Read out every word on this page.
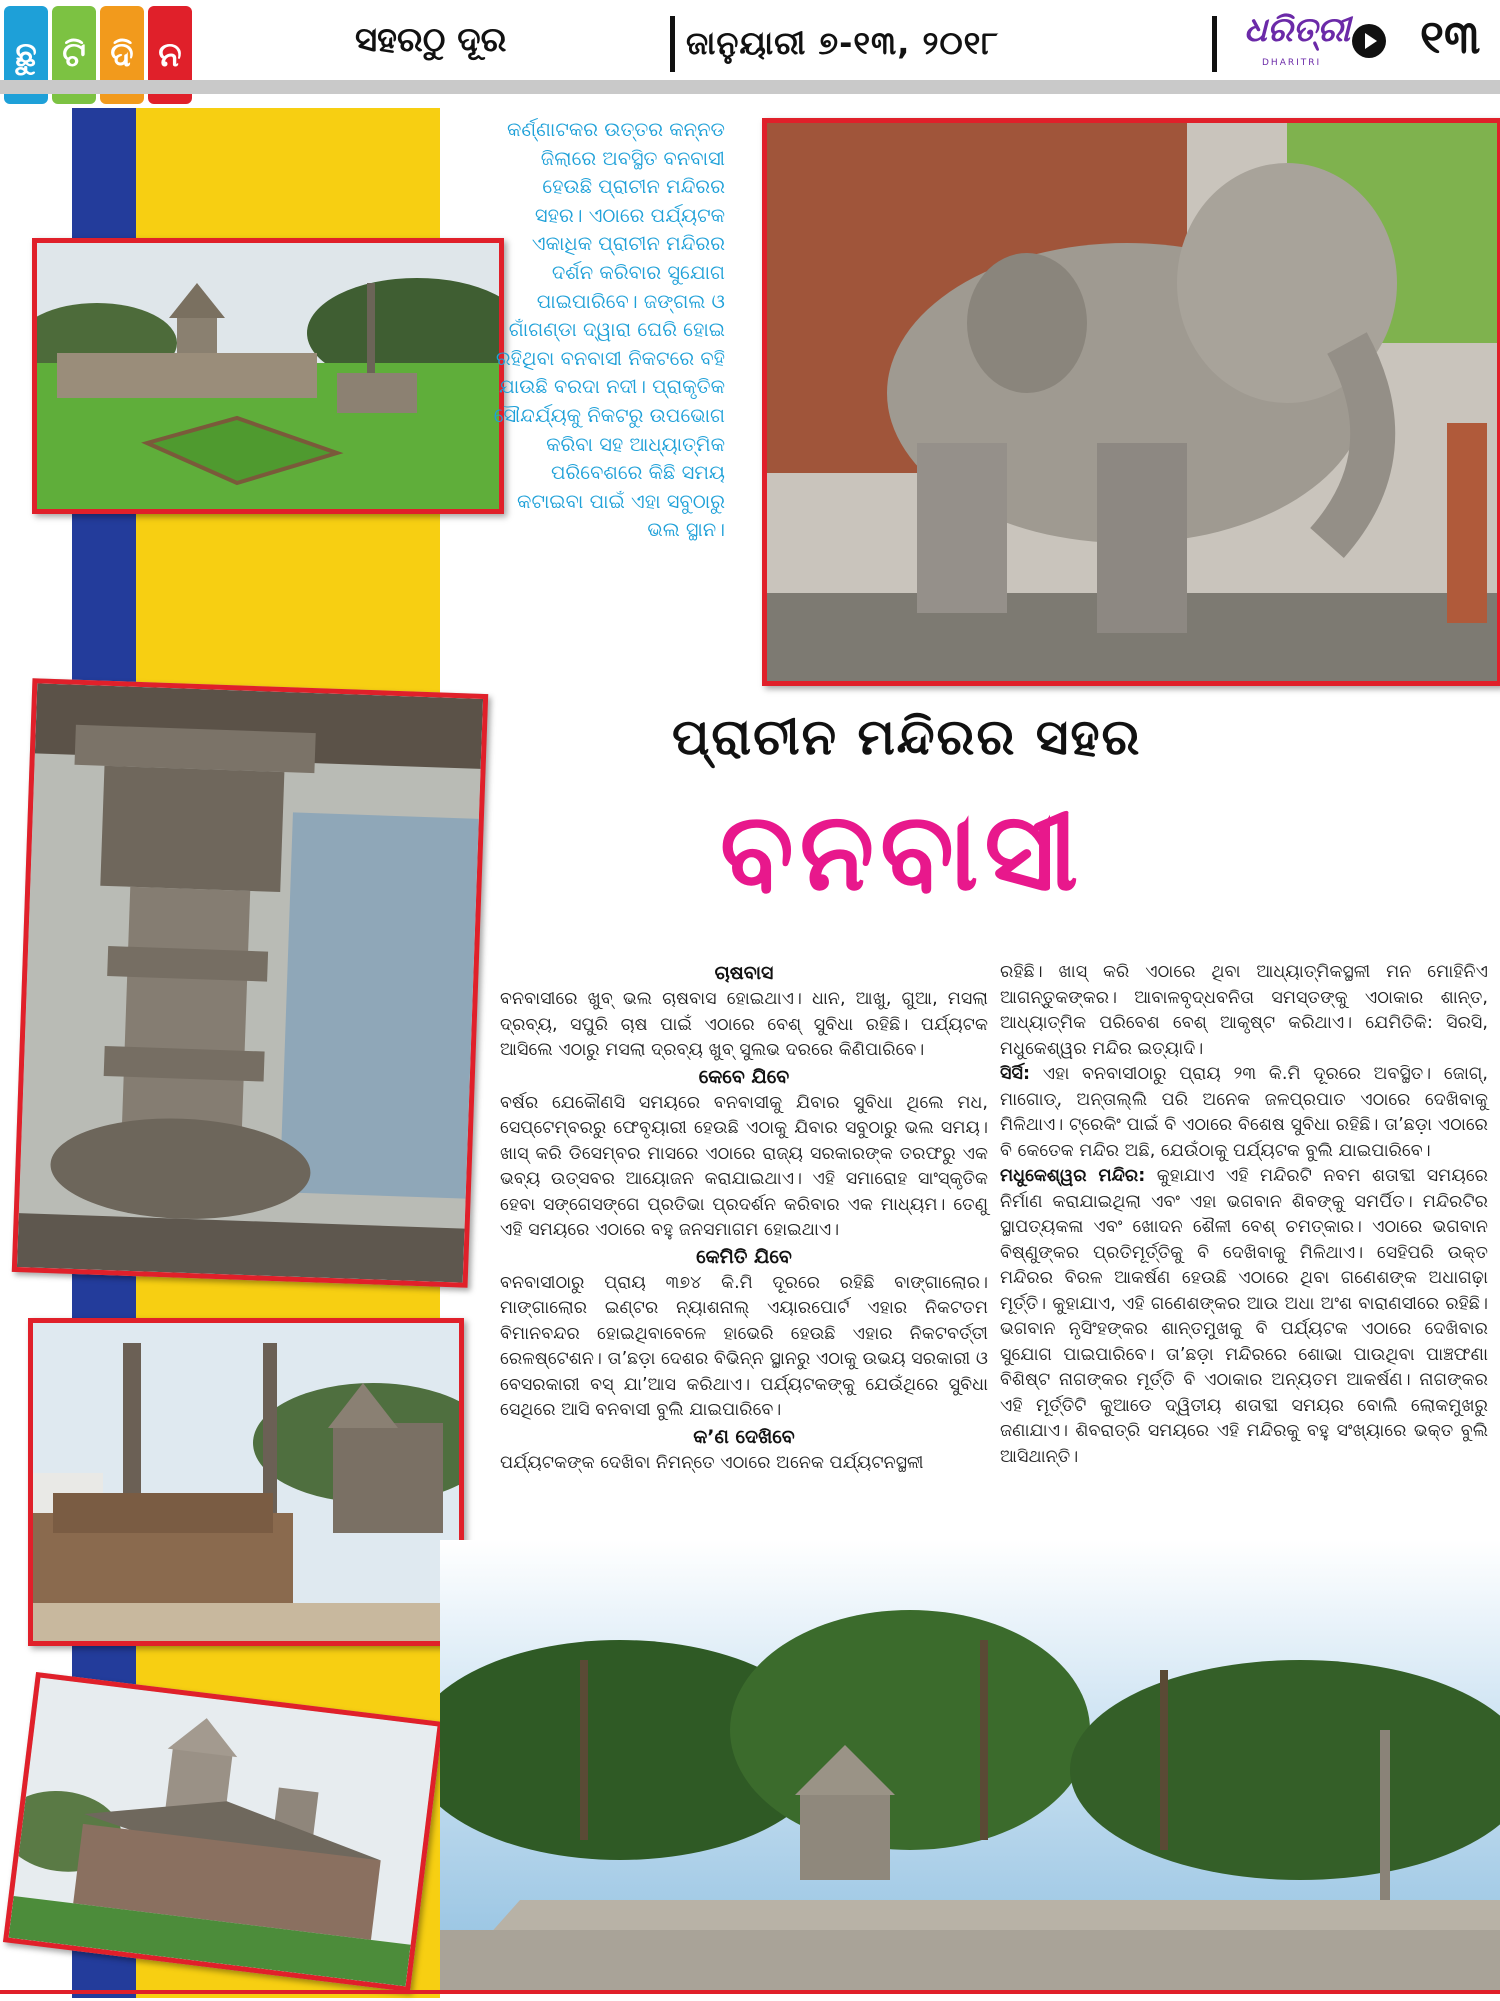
ଛୁ ଟି ଦି ନ	ସହରଠୁ ଦୂର	ଜାନୁୟାରୀ ୭-୧୩, ୨୦୧୮	ଧରିତ୍ରୀ
DHARITRI ୧୩

କର୍ଣ୍ଣାଟକର ଉତ୍ତର କନ୍ନଡ ଜିଲାରେ ଅବସ୍ଥିତ ବନବାସୀ ହେଉଛି ପ୍ରାଚୀନ ମନ୍ଦିରର ସହର। ଏଠାରେ ପର୍ଯ୍ୟଟକ ଏକାଧିକ ପ୍ରାଚୀନ ମନ୍ଦିରର ଦର୍ଶନ କରିବାର ସୁଯୋଗ ପାଇପାରିବେ। ଜଙ୍ଗଲ ଓ ଗାଁଗଣ୍ଡା ଦ୍ୱାରା ଘେରି ହୋଇ ରହିଥିବା ବନବାସୀ ନିକଟରେ ବହି ଯାଉଛି ବରଦା ନଦୀ। ପ୍ରାକୃତିକ ସୌନ୍ଦର୍ଯ୍ୟକୁ ନିକଟରୁ ଉପଭୋଗ କରିବା ସହ ଆଧ୍ୟାତ୍ମିକ ପରିବେଶରେ କିଛି ସମୟ କଟାଇବା ପାଇଁ ଏହା ସବୁଠାରୁ ଭଲ ସ୍ଥାନ।

ପ୍ରାଚୀନ ମନ୍ଦିରର ସହର
ବନବାସୀ
ଚାଷବାସ

ବନବାସୀରେ ଖୁବ୍ ଭଲ ଚାଷବାସ ହୋଇଥାଏ। ଧାନ, ଆଖୁ, ଗୁଆ, ମସଲା ଦ୍ରବ୍ୟ, ସପୁରି ଚାଷ ପାଇଁ ଏଠାରେ ବେଶ୍ ସୁବିଧା ରହିଛି। ପର୍ଯ୍ୟଟକ ଆସିଲେ ଏଠାରୁ ମସଲା ଦ୍ରବ୍ୟ ଖୁବ୍ ସୁଲଭ ଦରରେ କିଣିପାରିବେ।

କେବେ ଯିବେ

ବର୍ଷର ଯେକୌଣସି ସମୟରେ ବନବାସୀକୁ ଯିବାର ସୁବିଧା ଥିଲେ ମଧ, ସେପ୍ଟେମ୍ବରରୁ ଫେବୃୟାରୀ ହେଉଛି ଏଠାକୁ ଯିବାର ସବୁଠାରୁ ଭଲ ସମୟ। ଖାସ୍ କରି ଡିସେମ୍ବର ମାସରେ ଏଠାରେ ରାଜ୍ୟ ସରକାରଙ୍କ ତରଫରୁ ଏକ ଭବ୍ୟ ଉତ୍ସବର ଆୟୋଜନ କରାଯାଇଥାଏ। ଏହି ସମାରୋହ ସାଂସ୍କୃତିକ ହେବା ସଙ୍ଗେସଙ୍ଗେ ପ୍ରତିଭା ପ୍ରଦର୍ଶନ କରିବାର ଏକ ମାଧ୍ୟମ। ତେଣୁ ଏହି ସମୟରେ ଏଠାରେ ବହୁ ଜନସମାଗମ ହୋଇଥାଏ।

କେମିତି ଯିବେ

ବନବାସୀଠାରୁ ପ୍ରାୟ ୩୭୪ କି.ମି ଦୂରରେ ରହିଛି ବାଙ୍ଗାଲୋର। ମାଙ୍ଗାଲୋର ଇଣ୍ଟର ନ୍ୟାଶନାଲ୍ ଏୟାରପୋର୍ଟ ଏହାର ନିକଟତମ ବିମାନବନ୍ଦର ହୋଇଥିବାବେଳେ ହାଭେରି ହେଉଛି ଏହାର ନିକଟବର୍ତ୍ତୀ ରେଳଷ୍ଟେଶନ। ତା’ଛଡ଼ା ଦେଶର ବିଭିନ୍ନ ସ୍ଥାନରୁ ଏଠାକୁ ଉଭୟ ସରକାରୀ ଓ ବେସରକାରୀ ବସ୍ ଯା’ଆସ କରିଥାଏ। ପର୍ଯ୍ୟଟକଙ୍କୁ ଯେଉଁଥିରେ ସୁବିଧା ସେଥିରେ ଆସି ବନବାସୀ ବୁଲି ଯାଇପାରିବେ।

କ’ଣ ଦେଖିବେ

ପର୍ଯ୍ୟଟକଙ୍କ ଦେଖିବା ନିମନ୍ତେ ଏଠାରେ ଅନେକ ପର୍ଯ୍ୟଟନସ୍ଥଳୀ

ରହିଛି। ଖାସ୍ କରି ଏଠାରେ ଥିବା ଆଧ୍ୟାତ୍ମିକସ୍ଥଳୀ ମନ ମୋହିନିଏ ଆଗନ୍ତୁକଙ୍କର। ଆବାଳବୃଦ୍ଧବନିତା ସମସ୍ତଙ୍କୁ ଏଠାକାର ଶାନ୍ତ, ଆଧ୍ୟାତ୍ମିକ ପରିବେଶ ବେଶ୍ ଆକୃଷ୍ଟ କରିଥାଏ। ଯେମିତିକି: ସିରସି, ମଧୁକେଶ୍ୱର ମନ୍ଦିର ଇତ୍ୟାଦି।

ସିର୍ସି: ଏହା ବନବାସୀଠାରୁ ପ୍ରାୟ ୨୩ କି.ମି ଦୂରରେ ଅବସ୍ଥିତ। ଜୋଗ୍, ମାଗୋଡ୍, ଅନ୍ତାଲ୍ଲି ପରି ଅନେକ ଜଳପ୍ରପାତ ଏଠାରେ ଦେଖିବାକୁ ମିଳିଥାଏ। ଟ୍ରେକିଂ ପାଇଁ ବି ଏଠାରେ ବିଶେଷ ସୁବିଧା ରହିଛି। ତା’ଛଡ଼ା ଏଠାରେ ବି କେତେକ ମନ୍ଦିର ଅଛି, ଯେଉଁଠାକୁ ପର୍ଯ୍ୟଟକ ବୁଲି ଯାଇପାରିବେ।

ମଧୁକେଶ୍ୱର ମନ୍ଦିର: କୁହାଯାଏ ଏହି ମନ୍ଦିରଟି ନବମ ଶତାବ୍ଦୀ ସମୟରେ ନିର୍ମାଣ କରାଯାଇଥିଲା ଏବଂ ଏହା ଭଗବାନ ଶିବଙ୍କୁ ସମର୍ପିତ। ମନ୍ଦିରଟିର ସ୍ଥାପତ୍ୟକଳା ଏବଂ ଖୋଦନ ଶୈଳୀ ବେଶ୍ ଚମତ୍କାର। ଏଠାରେ ଭଗବାନ ବିଷ୍ଣୁଙ୍କର ପ୍ରତିମୂର୍ତ୍ତିକୁ ବି ଦେଖିବାକୁ ମିଳିଥାଏ। ସେହିପରି ଉକ୍ତ ମନ୍ଦିରର ବିରଳ ଆକର୍ଷଣ ହେଉଛି ଏଠାରେ ଥିବା ଗଣେଶଙ୍କ ଅଧାଗଢ଼ା ମୂର୍ତ୍ତି। କୁହାଯାଏ, ଏହି ଗଣେଶଙ୍କର ଆଉ ଅଧା ଅଂଶ ବାରାଣସୀରେ ରହିଛି। ଭଗବାନ ନୃସିଂହଙ୍କର ଶାନ୍ତମୁଖକୁ ବି ପର୍ଯ୍ୟଟକ ଏଠାରେ ଦେଖିବାର ସୁଯୋଗ ପାଇପାରିବେ। ତା’ଛଡ଼ା ମନ୍ଦିରରେ ଶୋଭା ପାଉଥିବା ପାଞ୍ଚଫଣା ବିଶିଷ୍ଟ ନାଗଙ୍କର ମୂର୍ତ୍ତି ବି ଏଠାକାର ଅନ୍ୟତମ ଆକର୍ଷଣ। ନାଗଙ୍କର ଏହି ମୂର୍ତ୍ତିଟି କୁଆଡେ ଦ୍ୱିତୀୟ ଶତାବ୍ଦୀ ସମୟର ବୋଲି ଲୋକମୁଖରୁ ଜଣାଯାଏ। ଶିବରାତ୍ରି ସମୟରେ ଏହି ମନ୍ଦିରକୁ ବହୁ ସଂଖ୍ୟାରେ ଭକ୍ତ ବୁଲି ଆସିଥାନ୍ତି।
